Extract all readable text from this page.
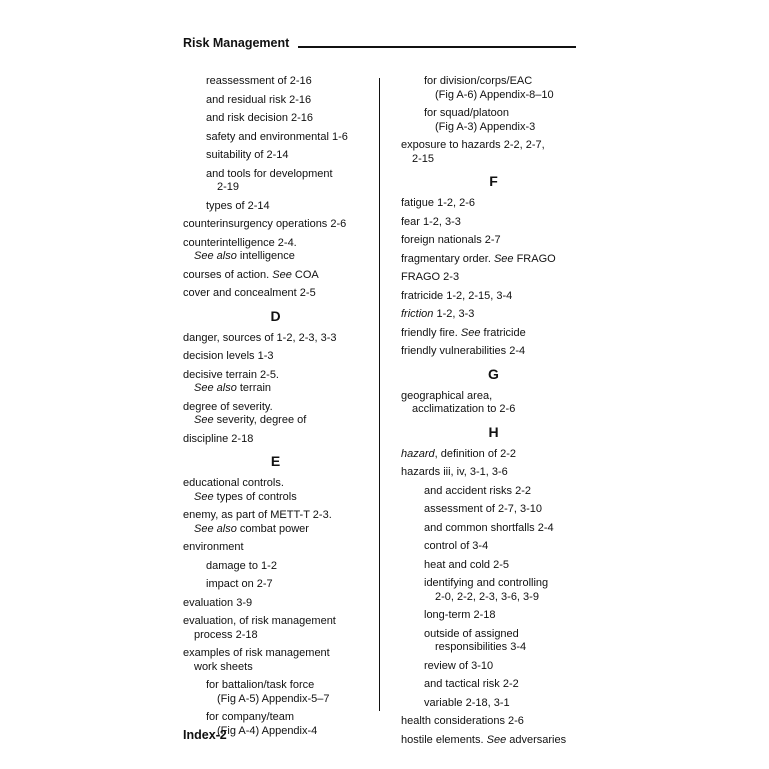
Risk Management
reassessment of 2-16
and residual risk 2-16
and risk decision 2-16
safety and environmental 1-6
suitability of 2-14
and tools for development
2-19
types of 2-14
counterinsurgency operations 2-6
counterintelligence 2-4.
See also intelligence
courses of action. See COA
cover and concealment 2-5
D
danger, sources of 1-2, 2-3, 3-3
decision levels 1-3
decisive terrain 2-5.
See also terrain
degree of severity.
See severity, degree of
discipline 2-18
E
educational controls.
See types of controls
enemy, as part of METT-T 2-3.
See also combat power
environment
damage to 1-2
impact on 2-7
evaluation 3-9
evaluation, of risk management
process 2-18
examples of risk management
work sheets
for battalion/task force
(Fig A-5) Appendix-5–7
for company/team
(Fig A-4) Appendix-4
for division/corps/EAC
(Fig A-6) Appendix-8–10
for squad/platoon
(Fig A-3) Appendix-3
exposure to hazards 2-2, 2-7,
2-15
F
fatigue 1-2, 2-6
fear 1-2, 3-3
foreign nationals 2-7
fragmentary order. See FRAGO
FRAGO 2-3
fratricide 1-2, 2-15, 3-4
friction 1-2, 3-3
friendly fire. See fratricide
friendly vulnerabilities 2-4
G
geographical area,
acclimatization to 2-6
H
hazard, definition of 2-2
hazards iii, iv, 3-1, 3-6
and accident risks 2-2
assessment of 2-7, 3-10
and common shortfalls 2-4
control of 3-4
heat and cold 2-5
identifying and controlling
2-0, 2-2, 2-3, 3-6, 3-9
long-term 2-18
outside of assigned
responsibilities 3-4
review of 3-10
and tactical risk 2-2
variable 2-18, 3-1
health considerations 2-6
hostile elements. See adversaries
Index-2
